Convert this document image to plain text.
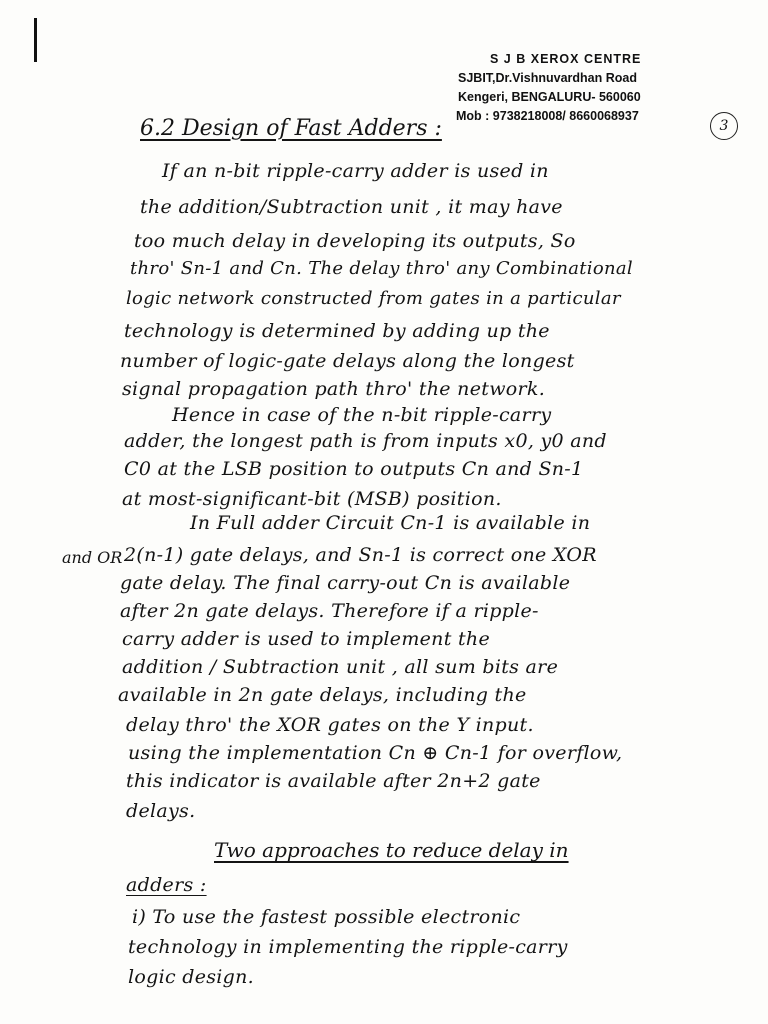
S J B XEROX CENTRE
SJBIT,Dr.Vishnuvardhan Road
Kengeri, BENGALURU- 560060
Mob : 9738218008/ 8660068937
3
6.2 Design of Fast Adders :
If an n-bit ripple-carry adder is used in
the addition/Subtraction unit , it may have
too much delay in developing its outputs, So
thro' Sn-1 and Cn. The delay thro' any Combinational
logic network constructed from gates in a particular
technology is determined by adding up the
number of logic-gate delays along the longest
signal propagation path thro' the network.
Hence in case of the n-bit ripple-carry
adder, the longest path is from inputs x0, y0 and
C0 at the LSB position to outputs Cn and Sn-1
at most-significant-bit (MSB) position.
and OR
In Full adder Circuit Cn-1 is available in
2(n-1) gate delays, and Sn-1 is correct one XOR
gate delay. The final carry-out Cn is available
after 2n gate delays. Therefore if a ripple-
carry adder is used to implement the
addition / Subtraction unit , all sum bits are
available in 2n gate delays, including the
delay thro' the XOR gates on the Y input.
using the implementation Cn ⊕ Cn-1 for overflow,
this indicator is available after 2n+2 gate
delays.
Two approaches to reduce delay in
adders :
i) To use the fastest possible electronic
technology in implementing the ripple-carry
logic design.
